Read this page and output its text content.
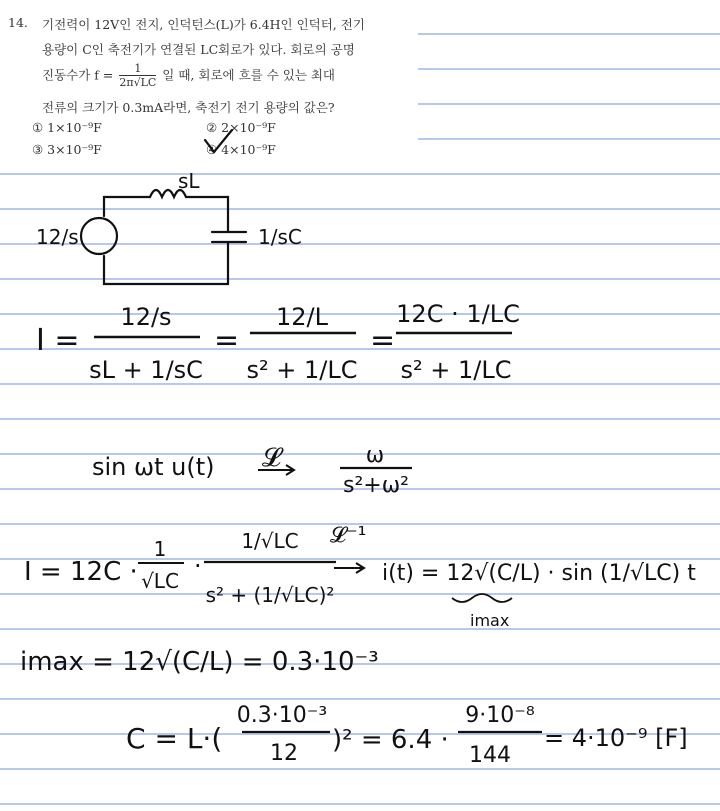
14. 기전력이 12V인 전지, 인덕턴스(L)가 6.4H인 인덕터, 전기
용량이 C인 축전기가 연결된 LC회로가 있다. 회로의 공명
진동수가 $f = \frac{1}{2\pi√LC}$ 일 때, 회로에 흐를 수 있는 최대
전류의 크기가 0.3mA라면, 축전기 전기 용량의 값은?
① 1×10⁻⁹F	② 2×10⁻⁹F
③ 3×10⁻⁹F	④ 4×10⁻⁹F
sL
12/s	1/sC
I =
12/s
sL + 1/sC
=
12/L
s² + 1/LC
=
12C · 1/LC
s² + 1/LC
sin ωt u(t) 𝓛	ω
s²+ω²
I = 12C ·
1
√LC
·
1/√LC
s² + (1/√LC)²
𝓛⁻¹
i(t) = 12√(C/L) · sin (1/√LC) t
imax
imax = 12√(C/L) = 0.3·10⁻³
C = L·(
0.3·10⁻³
12 )² = 6.4 ·
9·10⁻⁸
144
= 4·10⁻⁹ [F]
